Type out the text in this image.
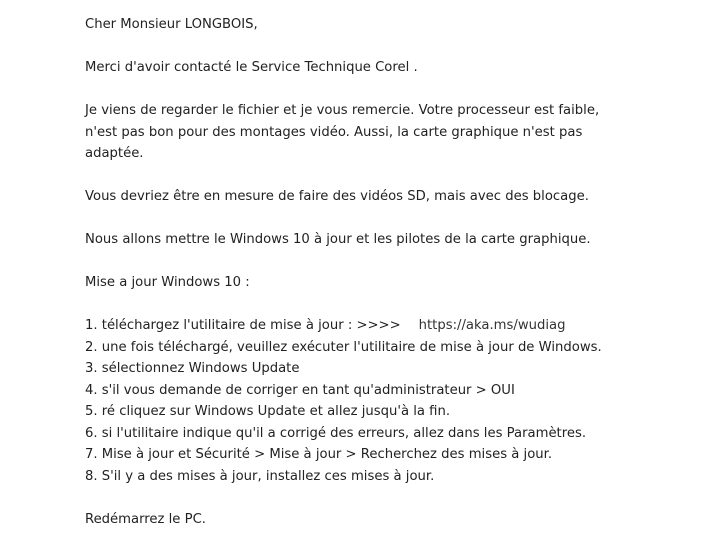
Cher Monsieur LONGBOIS,
Merci d'avoir contacté le Service Technique Corel .
Je viens de regarder le fichier et je vous remercie. Votre processeur est faible,
n'est pas bon pour des montages vidéo. Aussi, la carte graphique n'est pas
adaptée.
Vous devriez être en mesure de faire des vidéos SD, mais avec des blocage.
Nous allons mettre le Windows 10 à jour et les pilotes de la carte graphique.
Mise a jour Windows 10 :
1. téléchargez l'utilitaire de mise à jour : >>>> https://aka.ms/wudiag
2. une fois téléchargé, veuillez exécuter l'utilitaire de mise à jour de Windows.
3. sélectionnez Windows Update
4. s'il vous demande de corriger en tant qu'administrateur > OUI
5. ré cliquez sur Windows Update et allez jusqu'à la fin.
6. si l'utilitaire indique qu'il a corrigé des erreurs, allez dans les Paramètres.
7. Mise à jour et Sécurité > Mise à jour > Recherchez des mises à jour.
8. S'il y a des mises à jour, installez ces mises à jour.
Redémarrez le PC.
